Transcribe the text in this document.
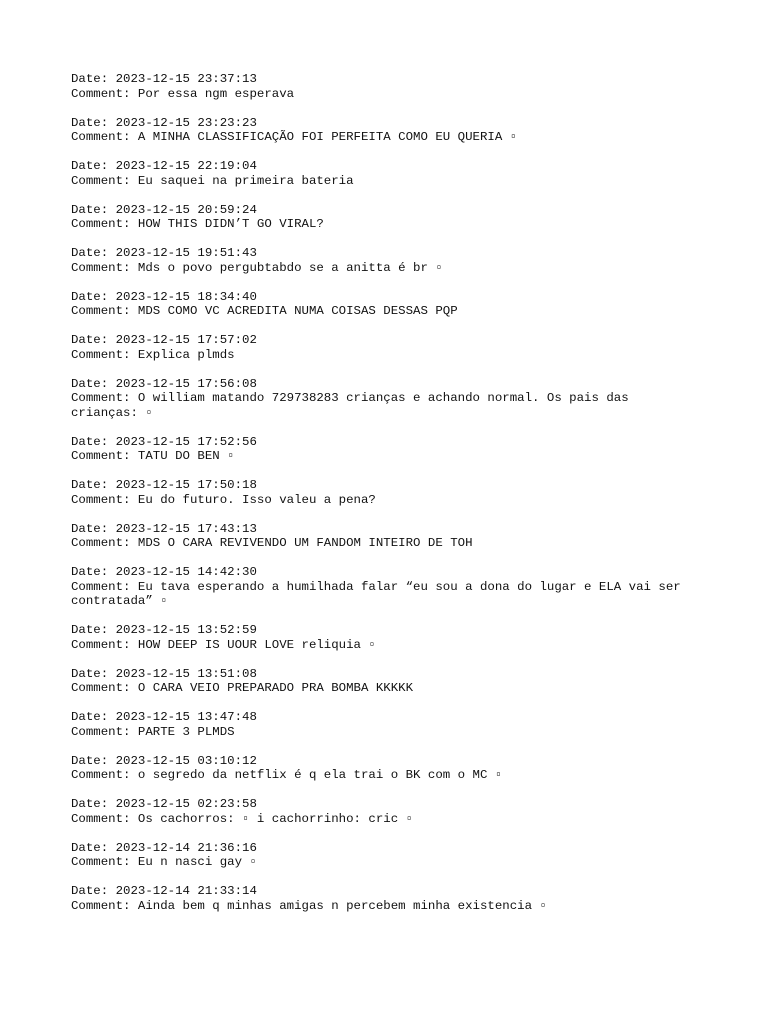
Date: 2023-12-15 23:37:13
Comment: Por essa ngm esperava
Date: 2023-12-15 23:23:23
Comment: A MINHA CLASSIFICAÇÃO FOI PERFEITA COMO EU QUERIA ▫
Date: 2023-12-15 22:19:04
Comment: Eu saquei na primeira bateria
Date: 2023-12-15 20:59:24
Comment: HOW THIS DIDN’T GO VIRAL?
Date: 2023-12-15 19:51:43
Comment: Mds o povo pergubtabdo se a anitta é br ▫
Date: 2023-12-15 18:34:40
Comment: MDS COMO VC ACREDITA NUMA COISAS DESSAS PQP
Date: 2023-12-15 17:57:02
Comment: Explica plmds
Date: 2023-12-15 17:56:08
Comment: O william matando 729738283 crianças e achando normal. Os pais das
crianças: ▫
Date: 2023-12-15 17:52:56
Comment: TATU DO BEN ▫
Date: 2023-12-15 17:50:18
Comment: Eu do futuro. Isso valeu a pena?
Date: 2023-12-15 17:43:13
Comment: MDS O CARA REVIVENDO UM FANDOM INTEIRO DE TOH
Date: 2023-12-15 14:42:30
Comment: Eu tava esperando a humilhada falar “eu sou a dona do lugar e ELA vai ser
contratada” ▫
Date: 2023-12-15 13:52:59
Comment: HOW DEEP IS UOUR LOVE reliquia ▫
Date: 2023-12-15 13:51:08
Comment: O CARA VEIO PREPARADO PRA BOMBA KKKKK
Date: 2023-12-15 13:47:48
Comment: PARTE 3 PLMDS
Date: 2023-12-15 03:10:12
Comment: o segredo da netflix é q ela trai o BK com o MC ▫
Date: 2023-12-15 02:23:58
Comment: Os cachorros: ▫ i cachorrinho: cric ▫
Date: 2023-12-14 21:36:16
Comment: Eu n nasci gay ▫
Date: 2023-12-14 21:33:14
Comment: Ainda bem q minhas amigas n percebem minha existencia ▫
